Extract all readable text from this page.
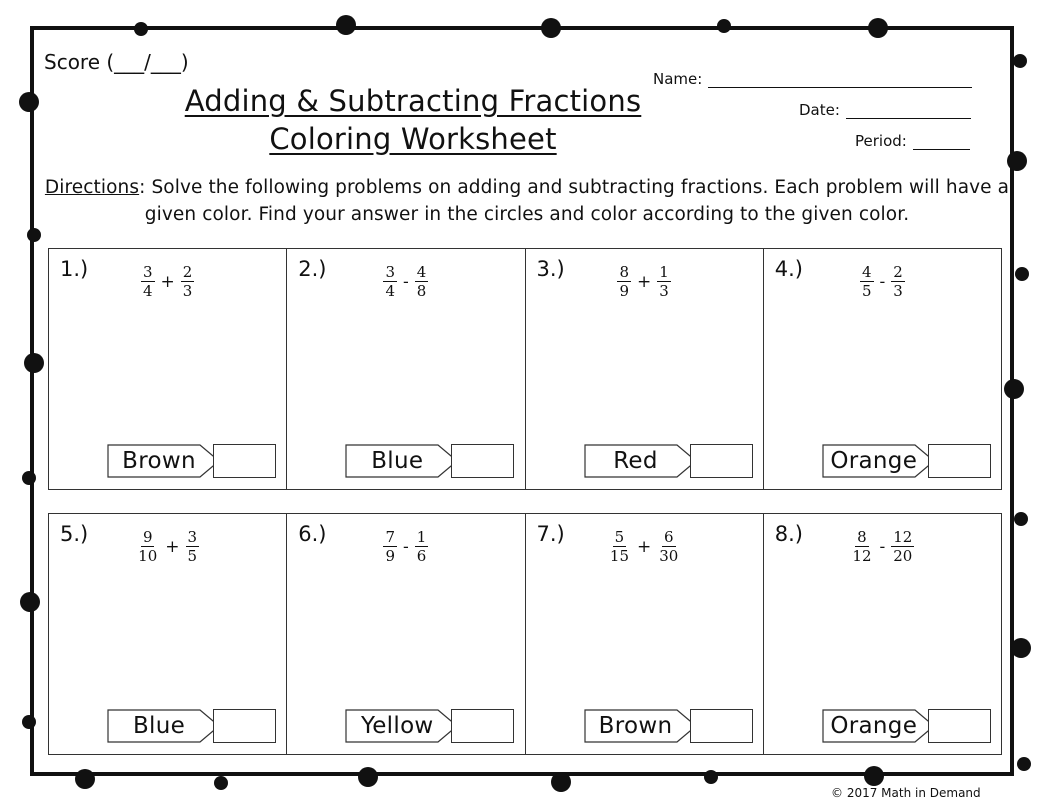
Score (___/___)
Adding & Subtracting Fractions
Coloring Worksheet
Name:
Date:
Period:
Directions: Solve the following problems on adding and subtracting fractions. Each problem will have a given color. Find your answer in the circles and color according to the given color.
1.)	$\frac{3}{4} + \frac{2}{3}$
Brown
2.)	$\frac{3}{4} - \frac{4}{8}$
Blue
3.)	$\frac{8}{9} + \frac{1}{3}$
Red
4.)	$\frac{4}{5} - \frac{2}{3}$
Orange
5.)	$\frac{9}{10} + \frac{3}{5}$
Blue
6.)	$\frac{7}{9} - \frac{1}{6}$
Yellow
7.)	$\frac{5}{15} + \frac{6}{30}$
Brown
8.)	$\frac{8}{12} - \frac{12}{20}$
Orange
© 2017 Math in Demand
